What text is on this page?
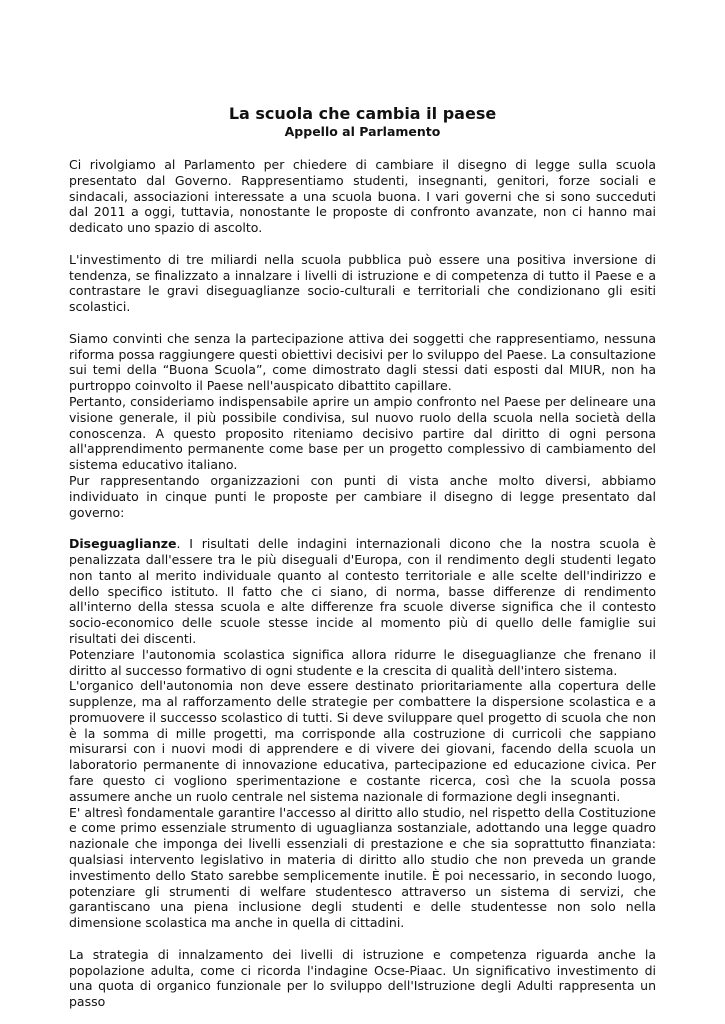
La scuola che cambia il paese
Appello al Parlamento

Ci rivolgiamo al Parlamento per chiedere di cambiare il disegno di legge sulla scuola presentato dal Governo. Rappresentiamo studenti, insegnanti, genitori, forze sociali e sindacali, associazioni interessate a una scuola buona. I vari governi che si sono succeduti dal 2011 a oggi, tuttavia, nonostante le proposte di confronto avanzate, non ci hanno mai dedicato uno spazio di ascolto.

L'investimento di tre miliardi nella scuola pubblica può essere una positiva inversione di tendenza, se finalizzato a innalzare i livelli di istruzione e di competenza di tutto il Paese e a contrastare le gravi diseguaglianze socio-culturali e territoriali che condizionano gli esiti scolastici.

Siamo convinti che senza la partecipazione attiva dei soggetti che rappresentiamo, nessuna riforma possa raggiungere questi obiettivi decisivi per lo sviluppo del Paese. La consultazione sui temi della “Buona Scuola”, come dimostrato dagli stessi dati esposti dal MIUR, non ha purtroppo coinvolto il Paese nell'auspicato dibattito capillare.

Pertanto, consideriamo indispensabile aprire un ampio confronto nel Paese per delineare una visione generale, il più possibile condivisa, sul nuovo ruolo della scuola nella società della conoscenza. A questo proposito riteniamo decisivo partire dal diritto di ogni persona all'apprendimento permanente come base per un progetto complessivo di cambiamento del sistema educativo italiano.

Pur rappresentando organizzazioni con punti di vista anche molto diversi, abbiamo individuato in cinque punti le proposte per cambiare il disegno di legge presentato dal governo:

Diseguaglianze. I risultati delle indagini internazionali dicono che la nostra scuola è penalizzata dall'essere tra le più diseguali d'Europa, con il rendimento degli studenti legato non tanto al merito individuale quanto al contesto territoriale e alle scelte dell'indirizzo e dello specifico istituto. Il fatto che ci siano, di norma, basse differenze di rendimento all'interno della stessa scuola e alte differenze fra scuole diverse significa che il contesto socio-economico delle scuole stesse incide al momento più di quello delle famiglie sui risultati dei discenti.

Potenziare l'autonomia scolastica significa allora ridurre le diseguaglianze che frenano il diritto al successo formativo di ogni studente e la crescita di qualità dell'intero sistema.

L'organico dell'autonomia non deve essere destinato prioritariamente alla copertura delle supplenze, ma al rafforzamento delle strategie per combattere la dispersione scolastica e a promuovere il successo scolastico di tutti. Si deve sviluppare quel progetto di scuola che non è la somma di mille progetti, ma corrisponde alla costruzione di curricoli che sappiano misurarsi con i nuovi modi di apprendere e di vivere dei giovani, facendo della scuola un laboratorio permanente di innovazione educativa, partecipazione ed educazione civica. Per fare questo ci vogliono sperimentazione e costante ricerca, così che la scuola possa assumere anche un ruolo centrale nel sistema nazionale di formazione degli insegnanti.

E' altresì fondamentale garantire l'accesso al diritto allo studio, nel rispetto della Costituzione e come primo essenziale strumento di uguaglianza sostanziale, adottando una legge quadro nazionale che imponga dei livelli essenziali di prestazione e che sia soprattutto finanziata: qualsiasi intervento legislativo in materia di diritto allo studio che non preveda un grande investimento dello Stato sarebbe semplicemente inutile. È poi necessario, in secondo luogo, potenziare gli strumenti di welfare studentesco attraverso un sistema di servizi, che garantiscano una piena inclusione degli studenti e delle studentesse non solo nella dimensione scolastica ma anche in quella di cittadini.

La strategia di innalzamento dei livelli di istruzione e competenza riguarda anche la popolazione adulta, come ci ricorda l'indagine Ocse-Piaac. Un significativo investimento di una quota di organico funzionale per lo sviluppo dell'Istruzione degli Adulti rappresenta un passo
